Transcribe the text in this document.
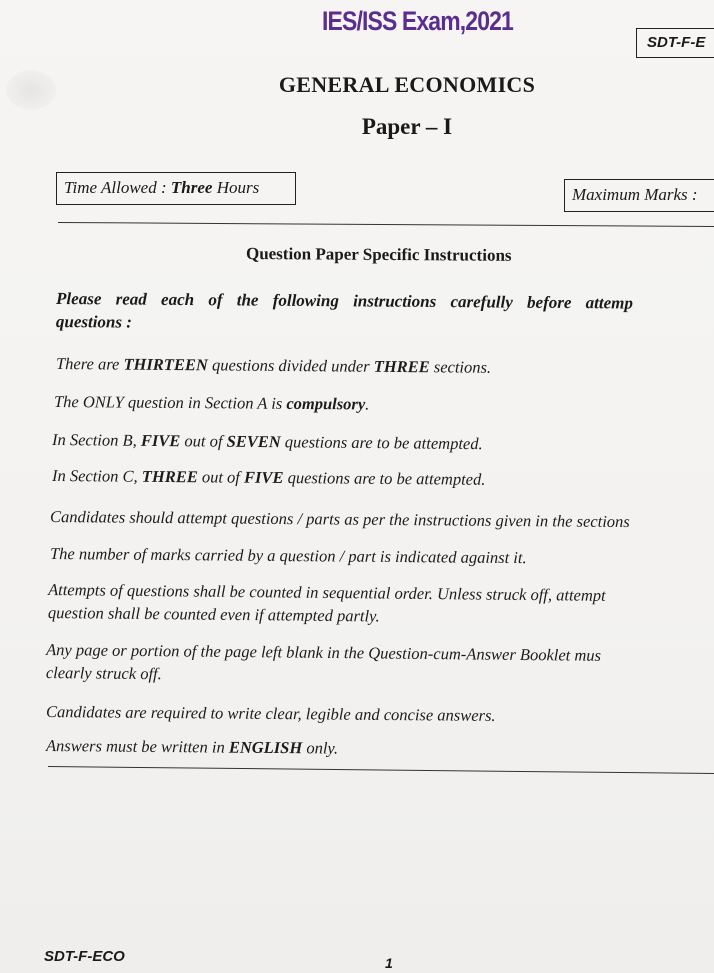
IES/ISS Exam,2021
SDT-F-E
GENERAL ECONOMICS
Paper – I
Time Allowed : Three Hours	Maximum Marks :
Question Paper Specific Instructions
Please read each of the following instructions carefully before attemp
questions :
There are THIRTEEN questions divided under THREE sections.
The ONLY question in Section A is compulsory.
In Section B, FIVE out of SEVEN questions are to be attempted.
In Section C, THREE out of FIVE questions are to be attempted.
Candidates should attempt questions / parts as per the instructions given in the sections
The number of marks carried by a question / part is indicated against it.
Attempts of questions shall be counted in sequential order. Unless struck off, attempt
question shall be counted even if attempted partly.
Any page or portion of the page left blank in the Question-cum-Answer Booklet mus
clearly struck off.
Candidates are required to write clear, legible and concise answers.
Answers must be written in ENGLISH only.
SDT-F-ECO	1
